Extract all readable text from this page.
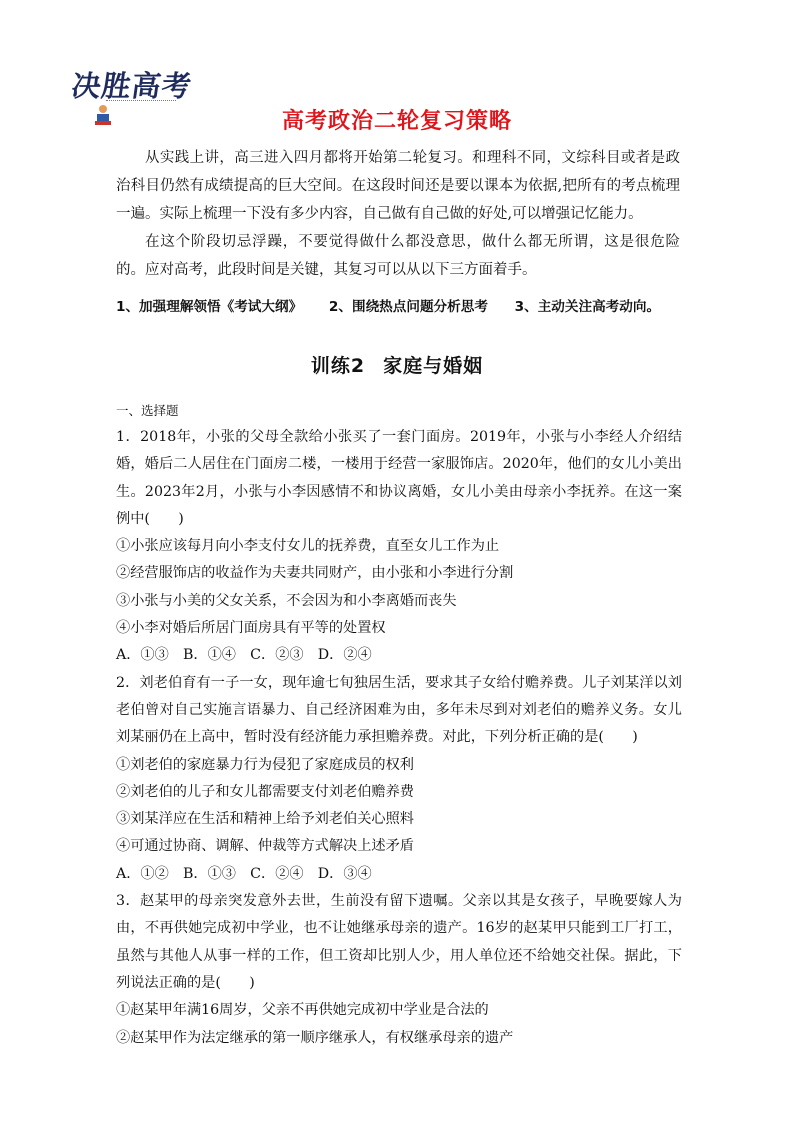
决胜高考
高考政治二轮复习策略

从实践上讲，高三进入四月都将开始第二轮复习。和理科不同，文综科目或者是政治科目仍然有成绩提高的巨大空间。在这段时间还是要以课本为依据,把所有的考点梳理一遍。实际上梳理一下没有多少内容，自己做有自己做的好处,可以增强记忆能力。

在这个阶段切忌浮躁，不要觉得做什么都没意思，做什么都无所谓，这是很危险的。应对高考，此段时间是关键，其复习可以从以下三方面着手。

1、加强理解领悟《考试大纲》 2、围绕热点问题分析思考 3、主动关注高考动向。
训练2 家庭与婚姻

一、选择题

1．2018年，小张的父母全款给小张买了一套门面房。2019年，小张与小李经人介绍结婚，婚后二人居住在门面房二楼，一楼用于经营一家服饰店。2020年，他们的女儿小美出生。2023年2月，小张与小李因感情不和协议离婚，女儿小美由母亲小李抚养。在这一案例中(　　)

①小张应该每月向小李支付女儿的抚养费，直至女儿工作为止

②经营服饰店的收益作为夫妻共同财产，由小张和小李进行分割

③小张与小美的父女关系，不会因为和小李离婚而丧失

④小李对婚后所居门面房具有平等的处置权

A．①③　B．①④　C．②③　D．②④

2．刘老伯育有一子一女，现年逾七旬独居生活，要求其子女给付赡养费。儿子刘某洋以刘老伯曾对自己实施言语暴力、自己经济困难为由，多年未尽到对刘老伯的赡养义务。女儿刘某丽仍在上高中，暂时没有经济能力承担赡养费。对此，下列分析正确的是(　　)

①刘老伯的家庭暴力行为侵犯了家庭成员的权利

②刘老伯的儿子和女儿都需要支付刘老伯赡养费

③刘某洋应在生活和精神上给予刘老伯关心照料

④可通过协商、调解、仲裁等方式解决上述矛盾

A．①②　B．①③　C．②④　D．③④

3．赵某甲的母亲突发意外去世，生前没有留下遗嘱。父亲以其是女孩子，早晚要嫁人为由，不再供她完成初中学业，也不让她继承母亲的遗产。16岁的赵某甲只能到工厂打工，虽然与其他人从事一样的工作，但工资却比别人少，用人单位还不给她交社保。据此，下列说法正确的是(　　)

①赵某甲年满16周岁，父亲不再供她完成初中学业是合法的

②赵某甲作为法定继承的第一顺序继承人，有权继承母亲的遗产
